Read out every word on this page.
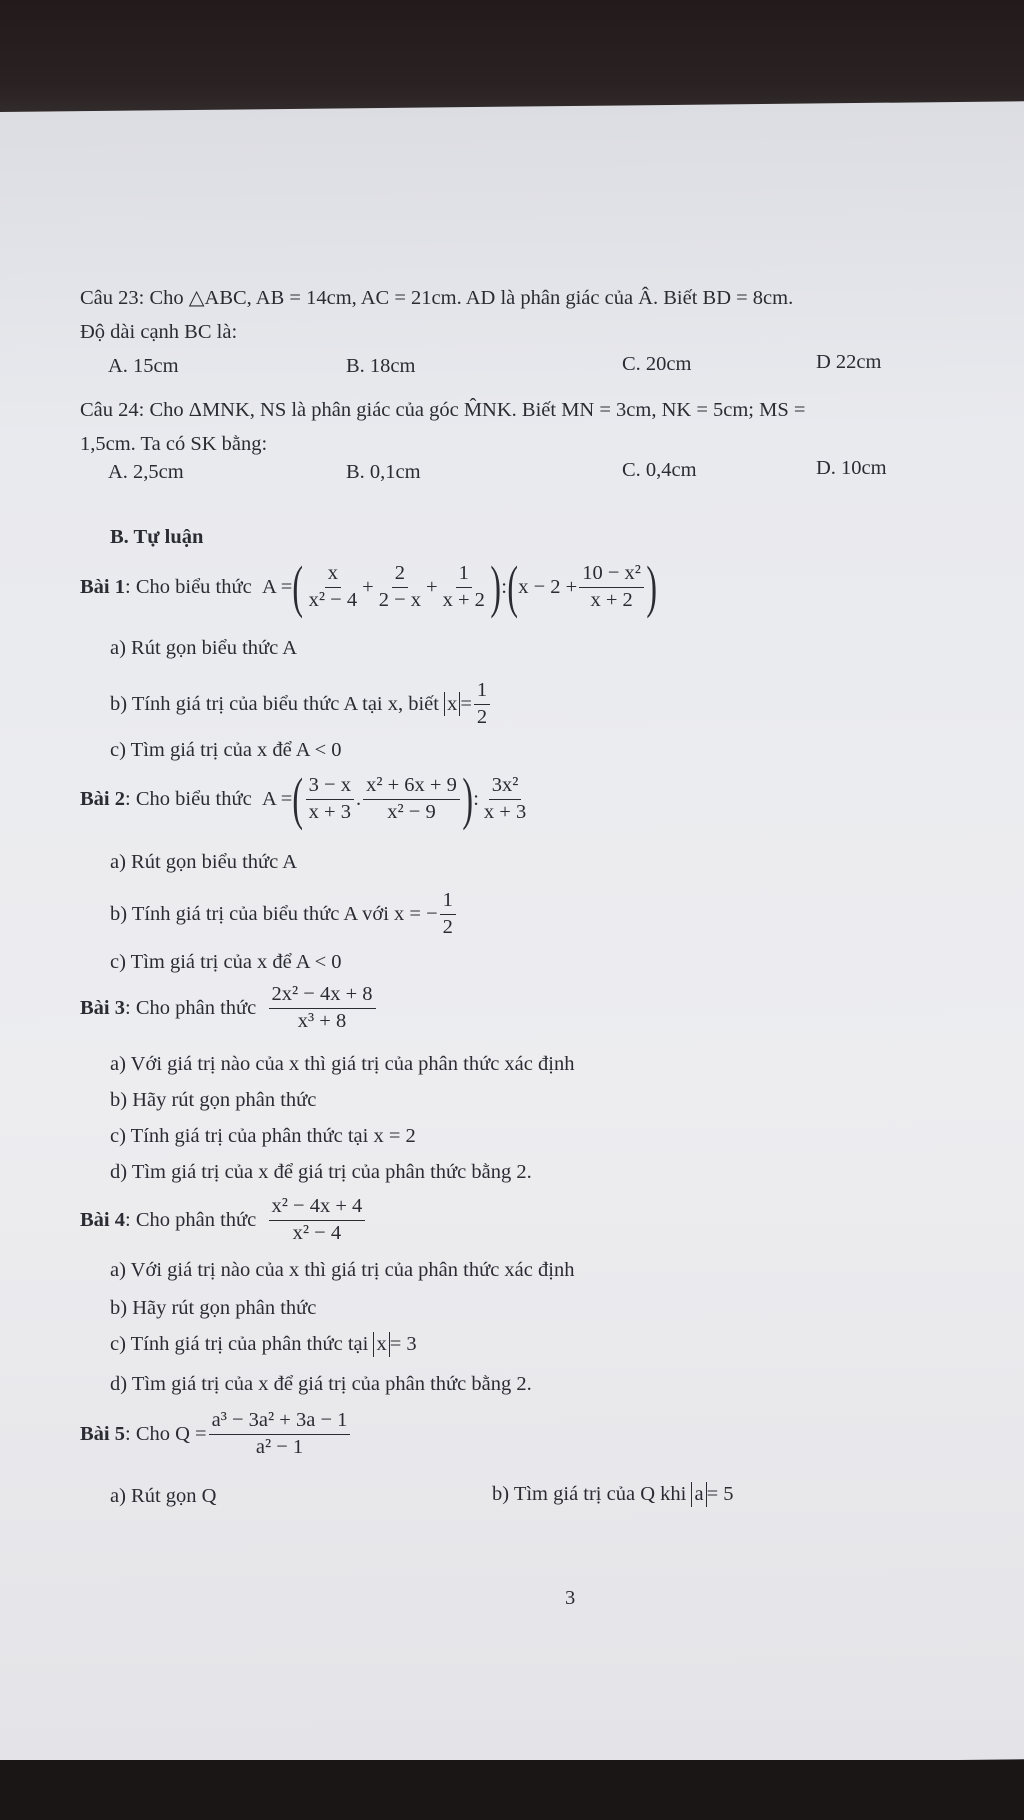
Câu 23: Cho △ABC, AB = 14cm, AC = 21cm. AD là phân giác của Â. Biết BD = 8cm.
Độ dài cạnh BC là:
A. 15cm	B. 18cm	C. 20cm	D 22cm
Câu 24: Cho ΔMNK, NS là phân giác của góc M̂NK. Biết MN = 3cm, NK = 5cm; MS =
1,5cm. Ta có SK bằng:
A. 2,5cm	B. 0,1cm	C. 0,4cm	D. 10cm
B. Tự luận
Bài 1 : Cho biểu thức
A = ( $\frac{x}{\text{x² − 4}} + \frac{2}{2 - x} + \frac{1}{x + 2}$ ) : ( $x - 2 + \frac{\text{10 − x²}}{x + 2}$ )
a) Rút gọn biểu thức A
b) Tính giá trị của biểu thức A tại x, biết
$x = \frac{1}{2}$
c) Tìm giá trị của x để A < 0
Bài 2 : Cho biểu thức
A = ( $\frac{3 - x}{x + 3}$ . $\frac{\text{x² + 6x + 9}}{\text{x² − 9}}$ ) : $\frac{\text{3x²}}{x + 3}$
a) Rút gọn biểu thức A
b) Tính giá trị của biểu thức A với x = − $\frac{1}{2}$
c) Tìm giá trị của x để A < 0
Bài 3 : Cho phân thức
$\frac{\text{2x² − 4x + 8}}{\text{x³ + 8}}$
a) Với giá trị nào của x thì giá trị của phân thức xác định
b) Hãy rút gọn phân thức
c) Tính giá trị của phân thức tại x = 2
d) Tìm giá trị của x để giá trị của phân thức bằng 2.
Bài 4 : Cho phân thức
$\frac{\text{x² − 4x + 4}}{\text{x² − 4}}$
a) Với giá trị nào của x thì giá trị của phân thức xác định
b) Hãy rút gọn phân thức
c) Tính giá trị của phân thức tại
x = 3
d) Tìm giá trị của x để giá trị của phân thức bằng 2.
Bài 5 : Cho $Q = \frac{\text{a³ − 3a² + 3a − 1}}{\text{a² − 1}}$
a) Rút gọn Q	b) Tìm giá trị của Q khi
a = 5
3
